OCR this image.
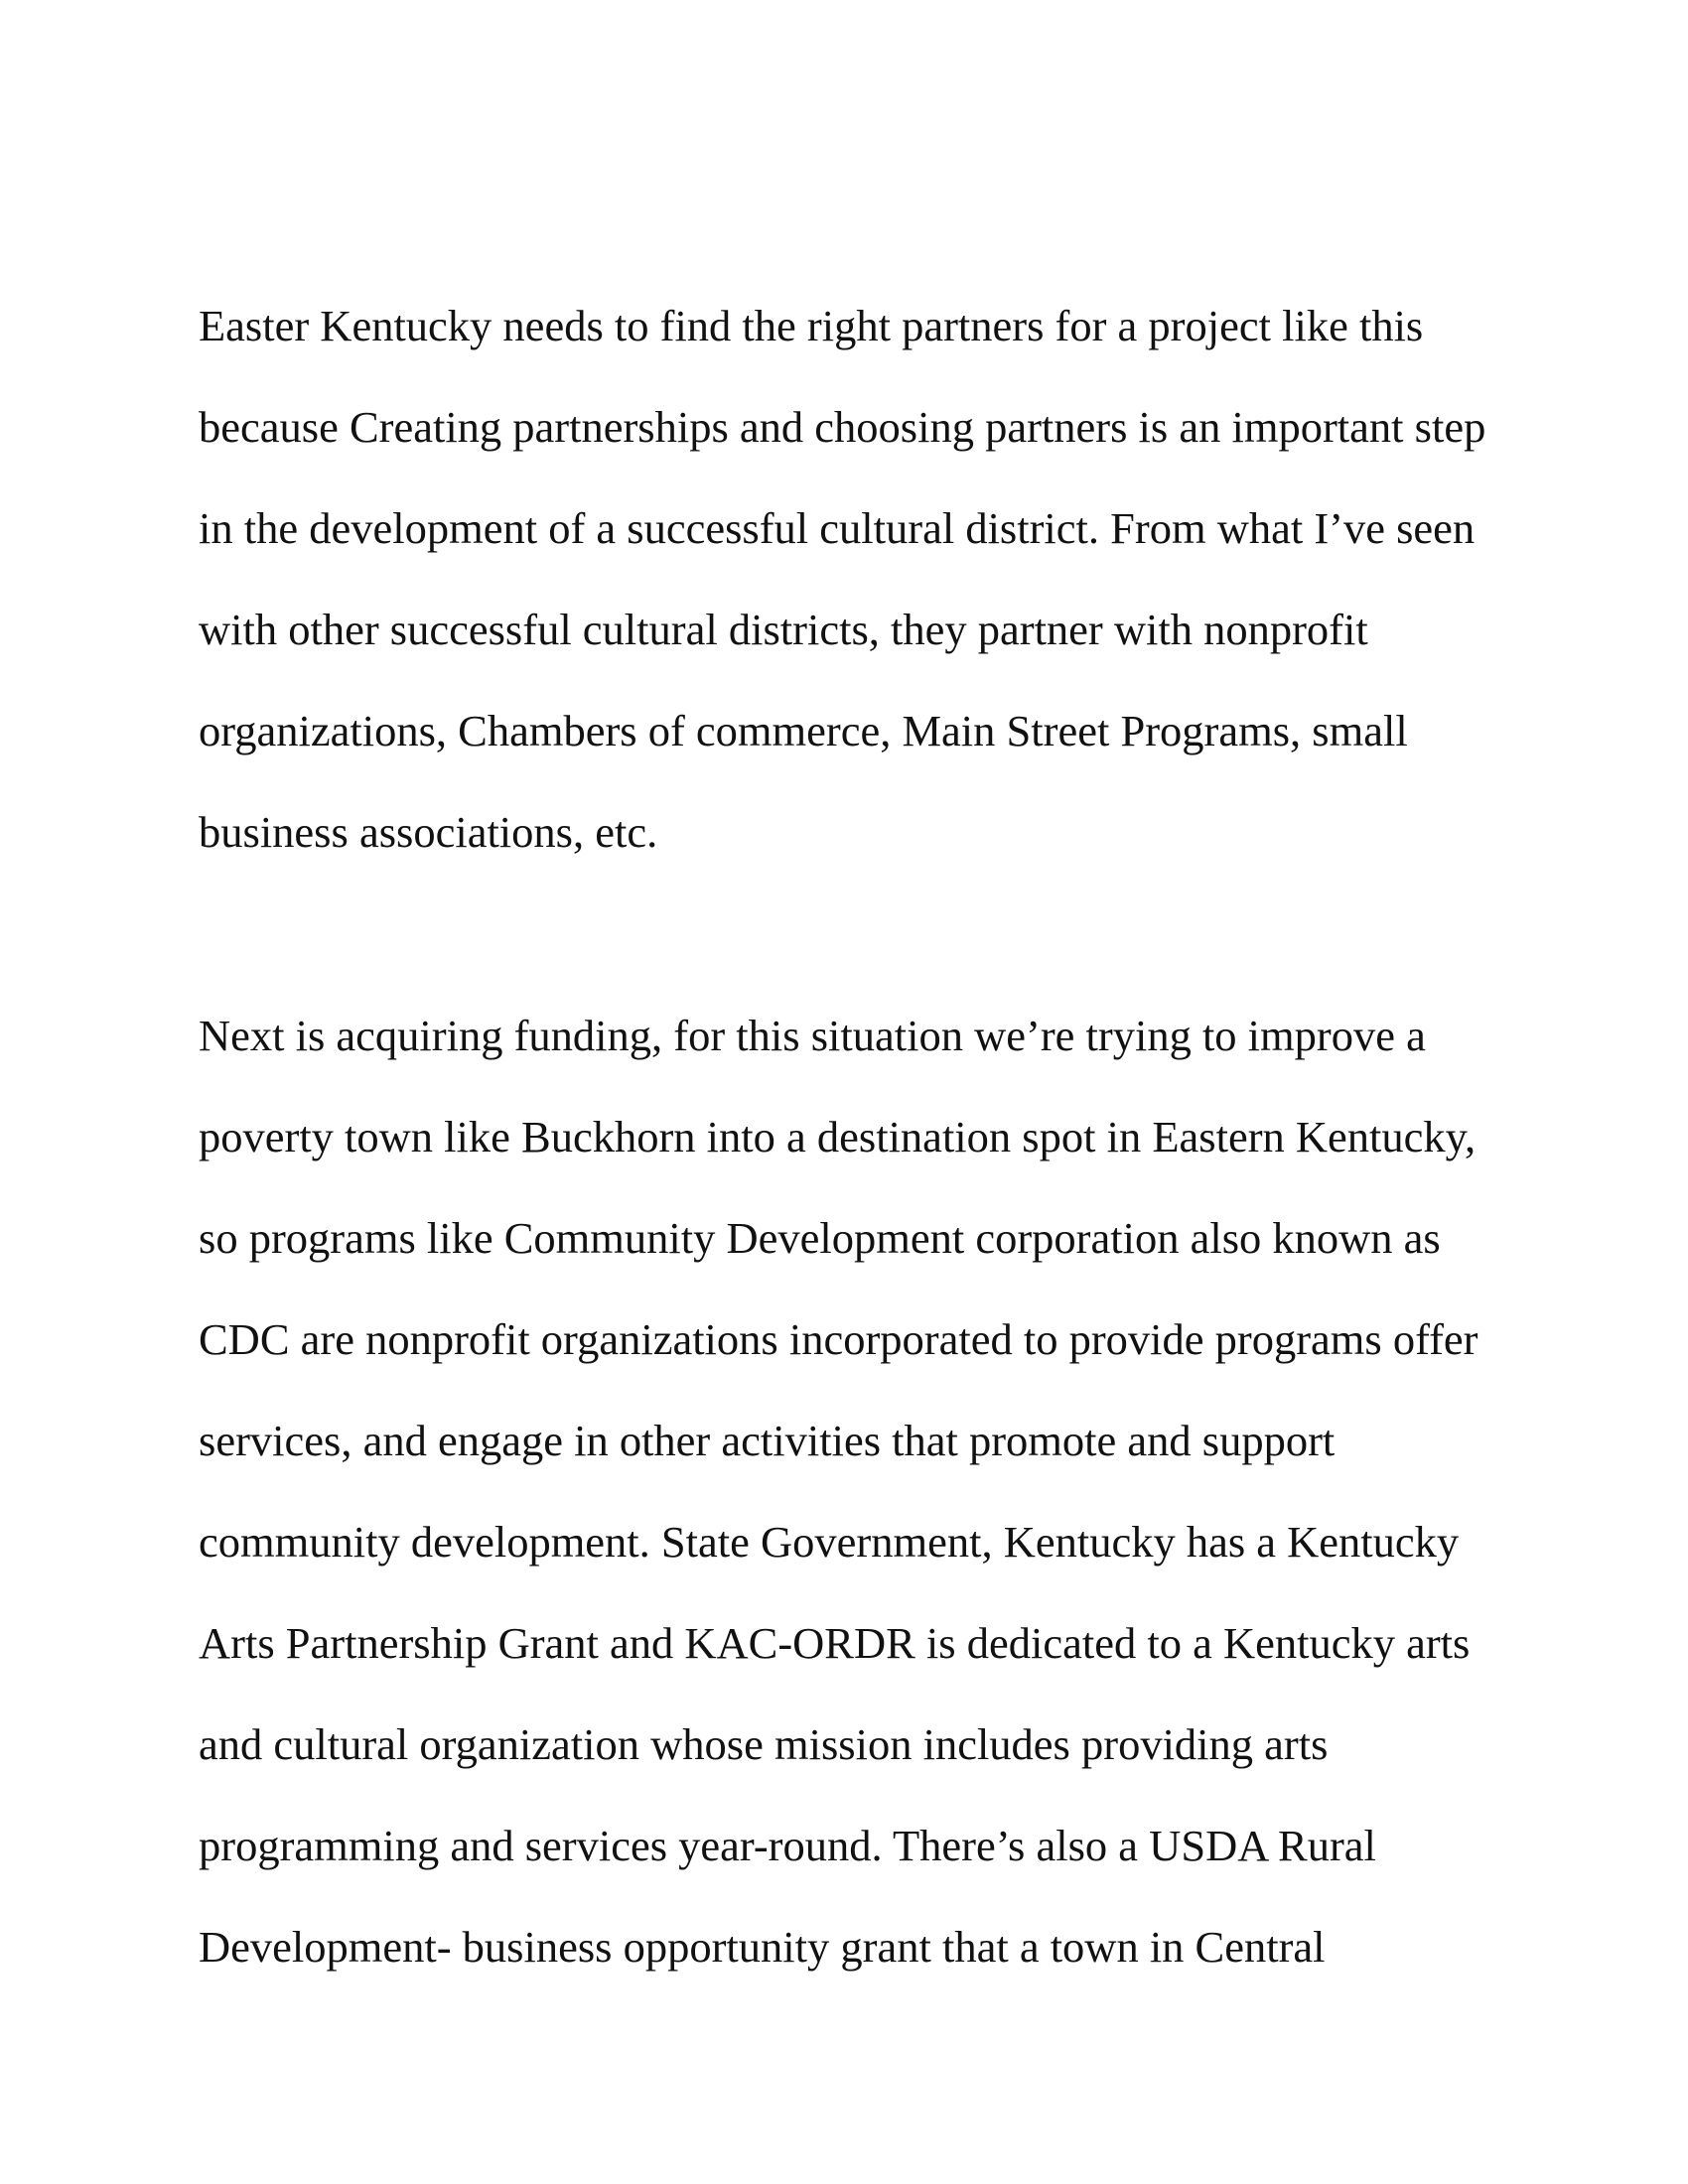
Easter Kentucky needs to find the right partners for a project like this

because Creating partnerships and choosing partners is an important step

in the development of a successful cultural district. From what I’ve seen

with other successful cultural districts, they partner with nonprofit

organizations, Chambers of commerce, Main Street Programs, small

business associations, etc.

Next is acquiring funding, for this situation we’re trying to improve a

poverty town like Buckhorn into a destination spot in Eastern Kentucky,

so programs like Community Development corporation also known as

CDC are nonprofit organizations incorporated to provide programs offer

services, and engage in other activities that promote and support

community development. State Government, Kentucky has a Kentucky

Arts Partnership Grant and KAC-ORDR is dedicated to a Kentucky arts

and cultural organization whose mission includes providing arts

programming and services year-round. There’s also a USDA Rural

Development- business opportunity grant that a town in Central
